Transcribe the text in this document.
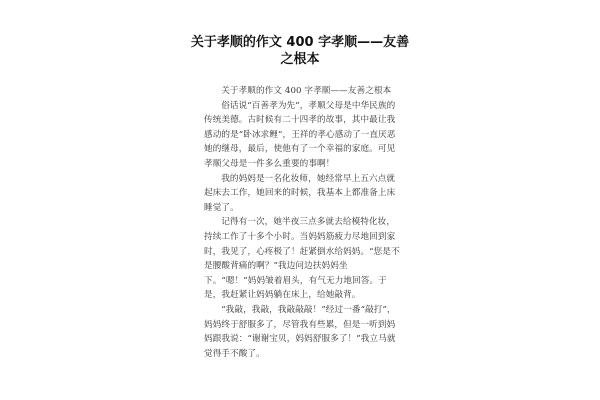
关于孝顺的作文 400 字孝顺——友善
之根本

关于孝顺的作文 400 字孝顺——友善之根本

俗话说“百善孝为先”，孝顺父母是中华民族的传统美德。古时候有二十四孝的故事，其中最让我感动的是“卧冰求鲤”，王祥的孝心感动了一直厌恶她的继母，最后，使他有了一个幸福的家庭。可见孝顺父母是一件多么重要的事啊！

我的妈妈是一名化妆师，她经常早上五六点就起床去工作，她回来的时候，我基本上都准备上床睡觉了。

记得有一次，她半夜三点多就去给模特化妆，持续工作了十多个小时。当妈妈筋疲力尽地回到家时，我见了，心疼极了！赶紧倒水给妈妈。“您是不是腰酸背痛的啊？”我边问边扶妈妈坐下。“嗯！”妈妈皱着眉头，有气无力地回答。于是，我赶紧让妈妈躺在床上，给她敲背。

“我敲，我敲，我敲敲敲！”经过一番“敲打”，妈妈终于舒服多了，尽管我有些累，但是一听到妈妈跟我说：“谢谢宝贝，妈妈舒服多了！”我立马就觉得手不酸了。
